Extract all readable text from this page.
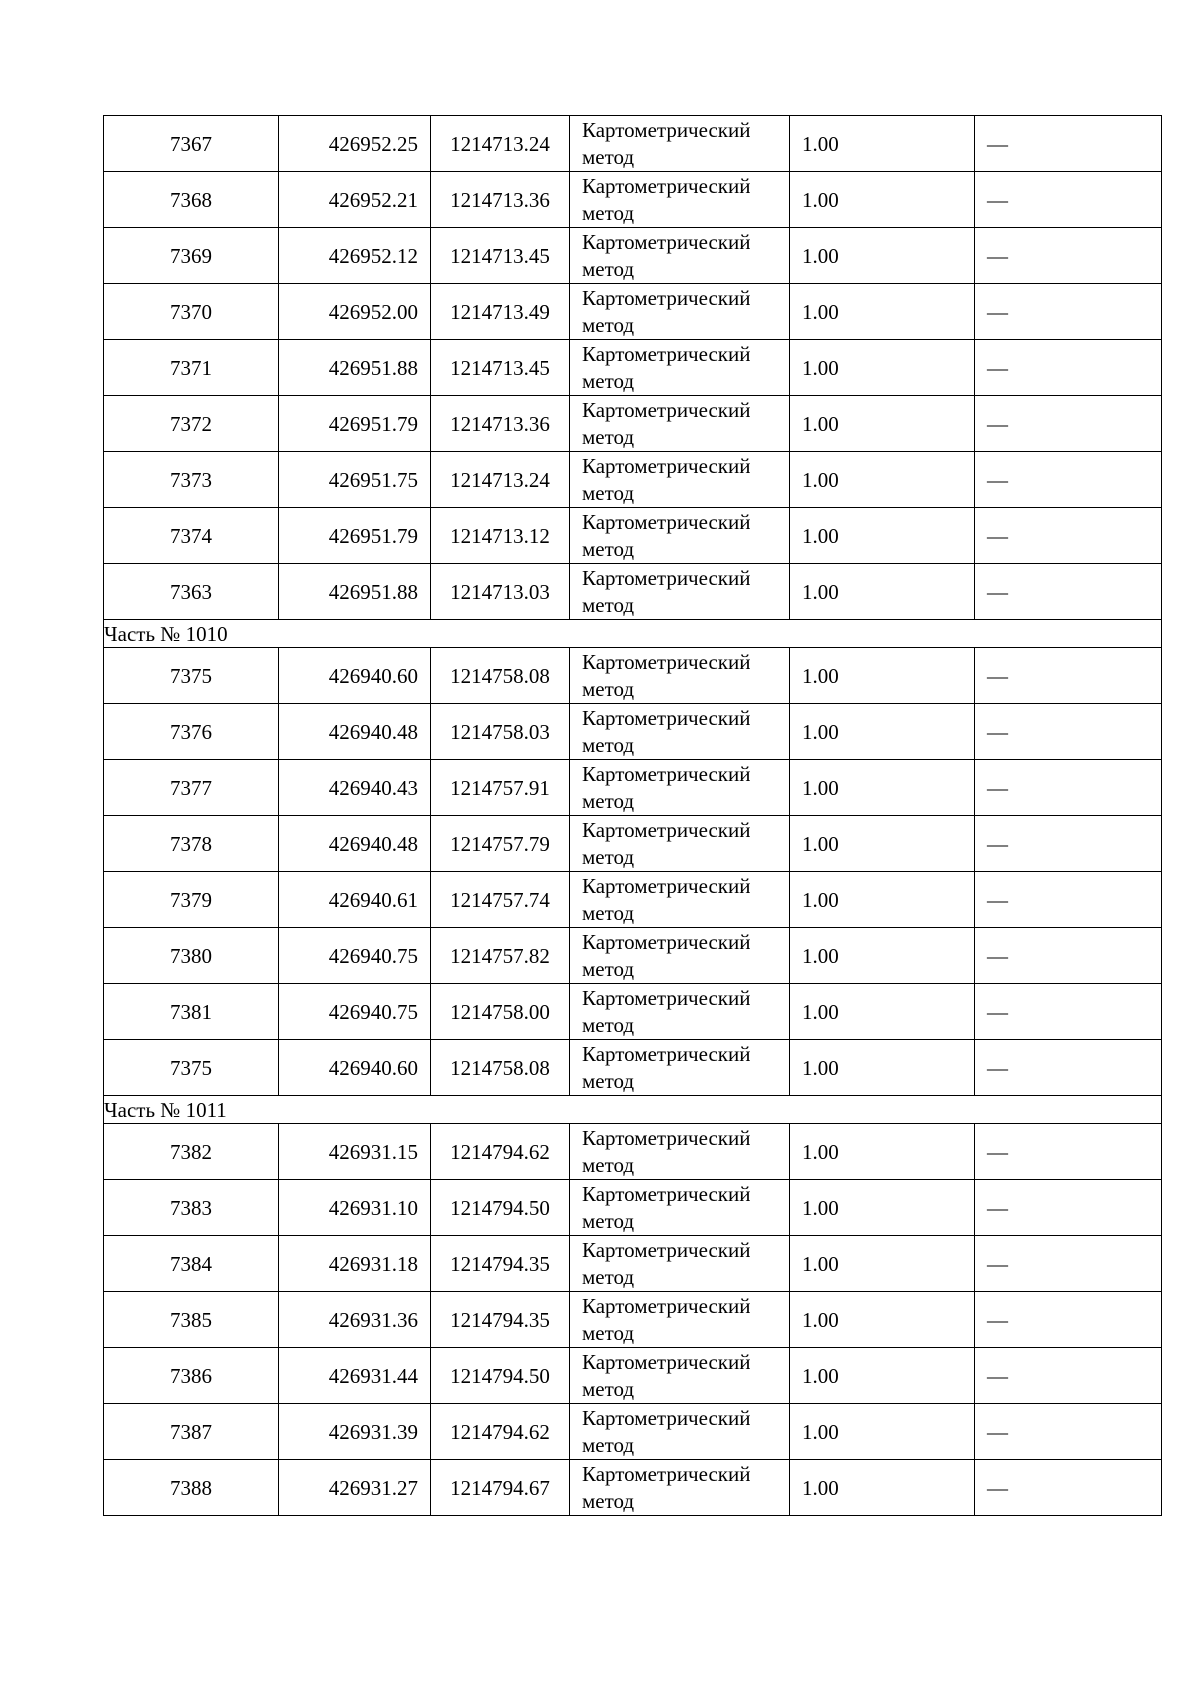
7367	426952.25	1214713.24	Картометрический
метод	1.00	—
7368	426952.21	1214713.36	Картометрический
метод	1.00	—
7369	426952.12	1214713.45	Картометрический
метод	1.00	—
7370	426952.00	1214713.49	Картометрический
метод	1.00	—
7371	426951.88	1214713.45	Картометрический
метод	1.00	—
7372	426951.79	1214713.36	Картометрический
метод	1.00	—
7373	426951.75	1214713.24	Картометрический
метод	1.00	—
7374	426951.79	1214713.12	Картометрический
метод	1.00	—
7363	426951.88	1214713.03	Картометрический
метод	1.00	—
Часть № 1010					
7375	426940.60	1214758.08	Картометрический
метод	1.00	—
7376	426940.48	1214758.03	Картометрический
метод	1.00	—
7377	426940.43	1214757.91	Картометрический
метод	1.00	—
7378	426940.48	1214757.79	Картометрический
метод	1.00	—
7379	426940.61	1214757.74	Картометрический
метод	1.00	—
7380	426940.75	1214757.82	Картометрический
метод	1.00	—
7381	426940.75	1214758.00	Картометрический
метод	1.00	—
7375	426940.60	1214758.08	Картометрический
метод	1.00	—
Часть № 1011					
7382	426931.15	1214794.62	Картометрический
метод	1.00	—
7383	426931.10	1214794.50	Картометрический
метод	1.00	—
7384	426931.18	1214794.35	Картометрический
метод	1.00	—
7385	426931.36	1214794.35	Картометрический
метод	1.00	—
7386	426931.44	1214794.50	Картометрический
метод	1.00	—
7387	426931.39	1214794.62	Картометрический
метод	1.00	—
7388	426931.27	1214794.67	Картометрический
метод	1.00	—
